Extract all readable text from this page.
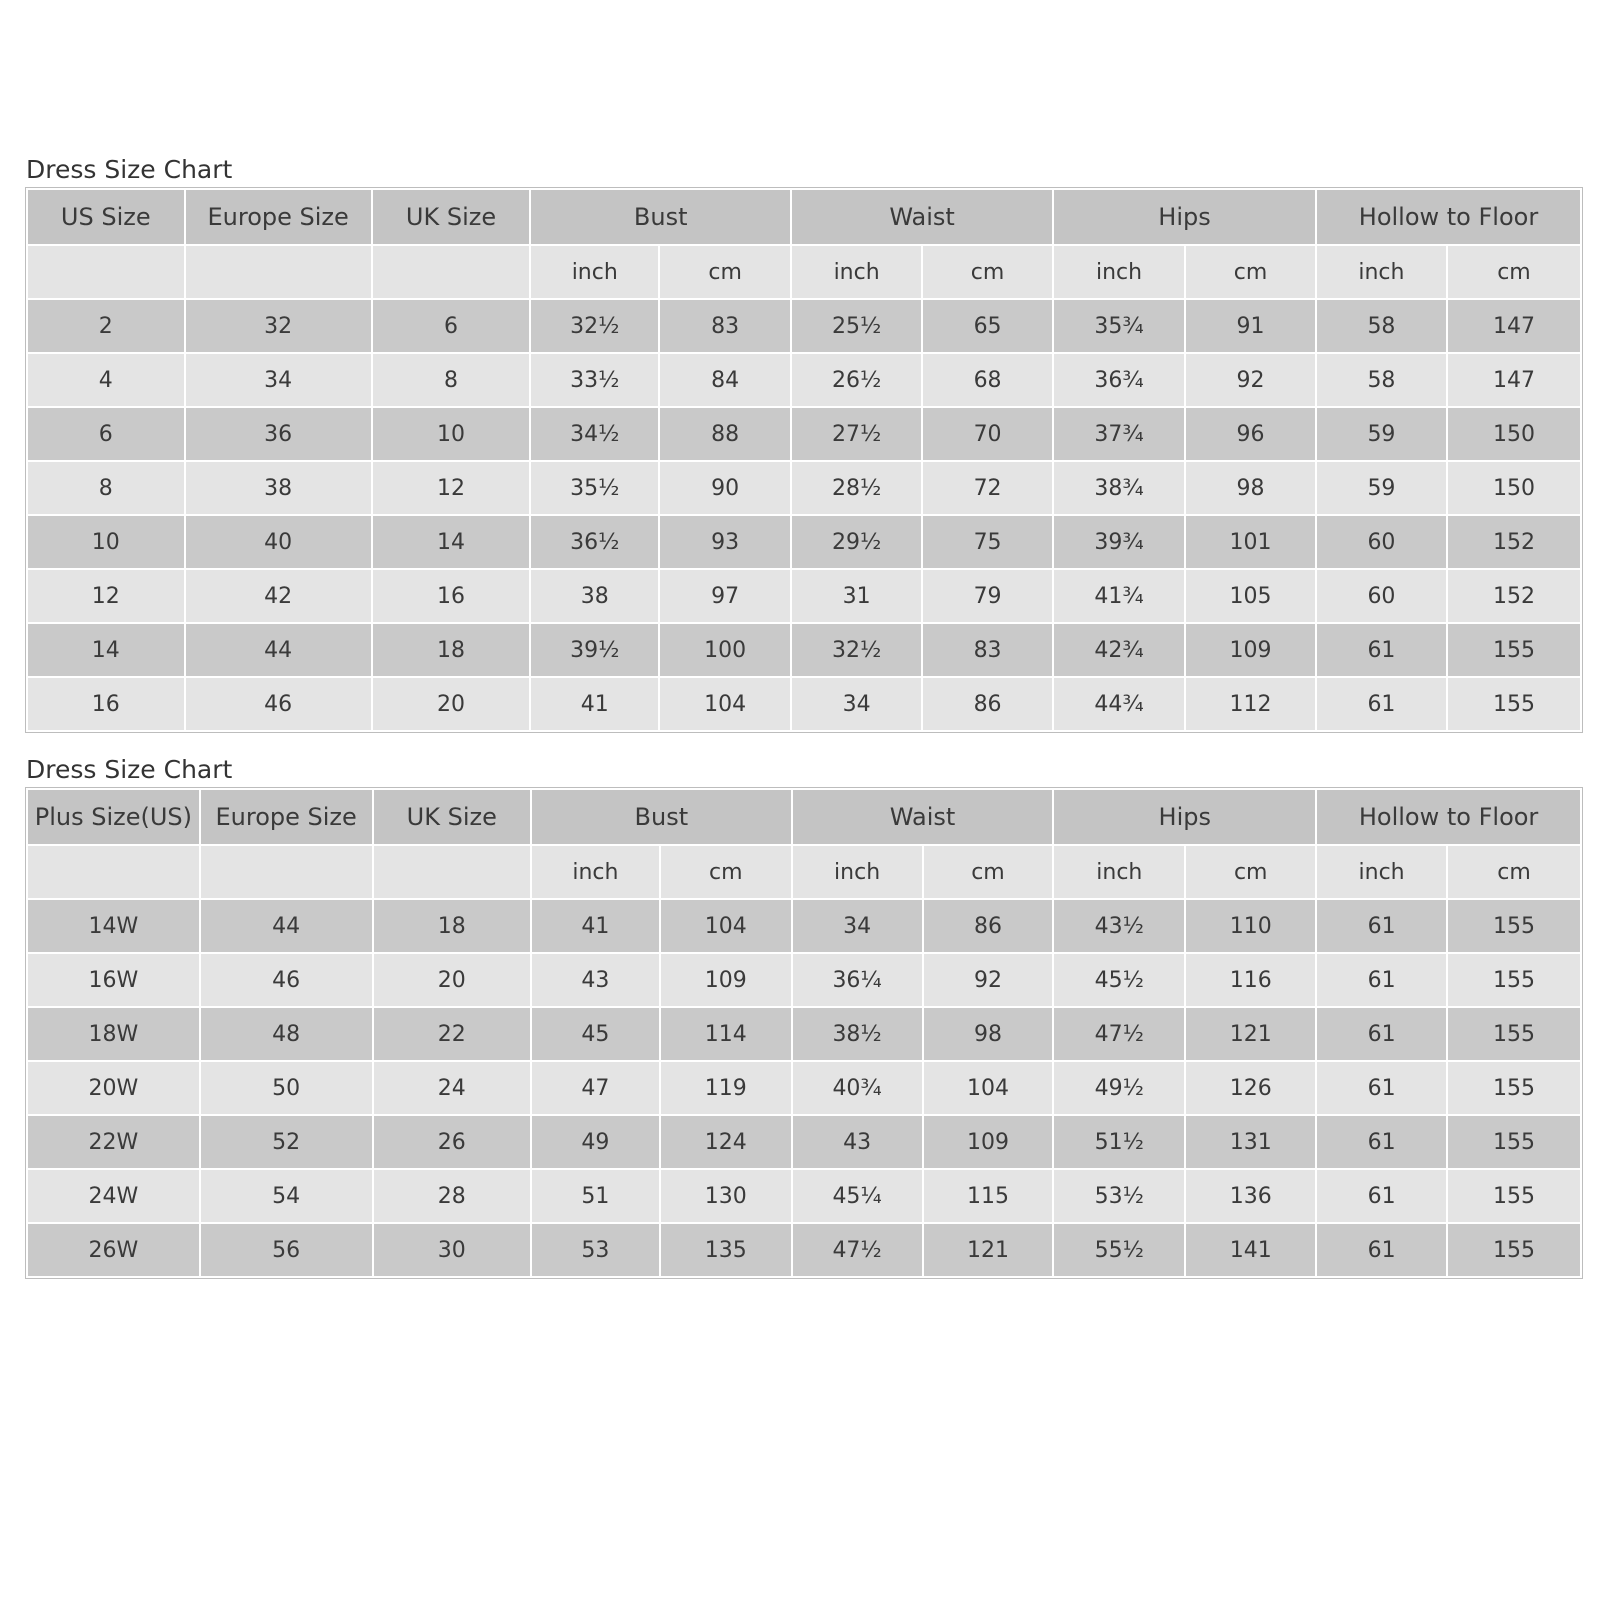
Dress Size Chart
US Size	Europe Size	UK Size	Bust		Waist		Hips		Hollow to Floor	
			inch	cm	inch	cm	inch	cm	inch	cm
2	32	6	32½	83	25½	65	35¾	91	58	147
4	34	8	33½	84	26½	68	36¾	92	58	147
6	36	10	34½	88	27½	70	37¾	96	59	150
8	38	12	35½	90	28½	72	38¾	98	59	150
10	40	14	36½	93	29½	75	39¾	101	60	152
12	42	16	38	97	31	79	41¾	105	60	152
14	44	18	39½	100	32½	83	42¾	109	61	155
16	46	20	41	104	34	86	44¾	112	61	155
Dress Size Chart
Plus Size(US)	Europe Size	UK Size	Bust		Waist		Hips		Hollow to Floor	
			inch	cm	inch	cm	inch	cm	inch	cm
14W	44	18	41	104	34	86	43½	110	61	155
16W	46	20	43	109	36¼	92	45½	116	61	155
18W	48	22	45	114	38½	98	47½	121	61	155
20W	50	24	47	119	40¾	104	49½	126	61	155
22W	52	26	49	124	43	109	51½	131	61	155
24W	54	28	51	130	45¼	115	53½	136	61	155
26W	56	30	53	135	47½	121	55½	141	61	155
